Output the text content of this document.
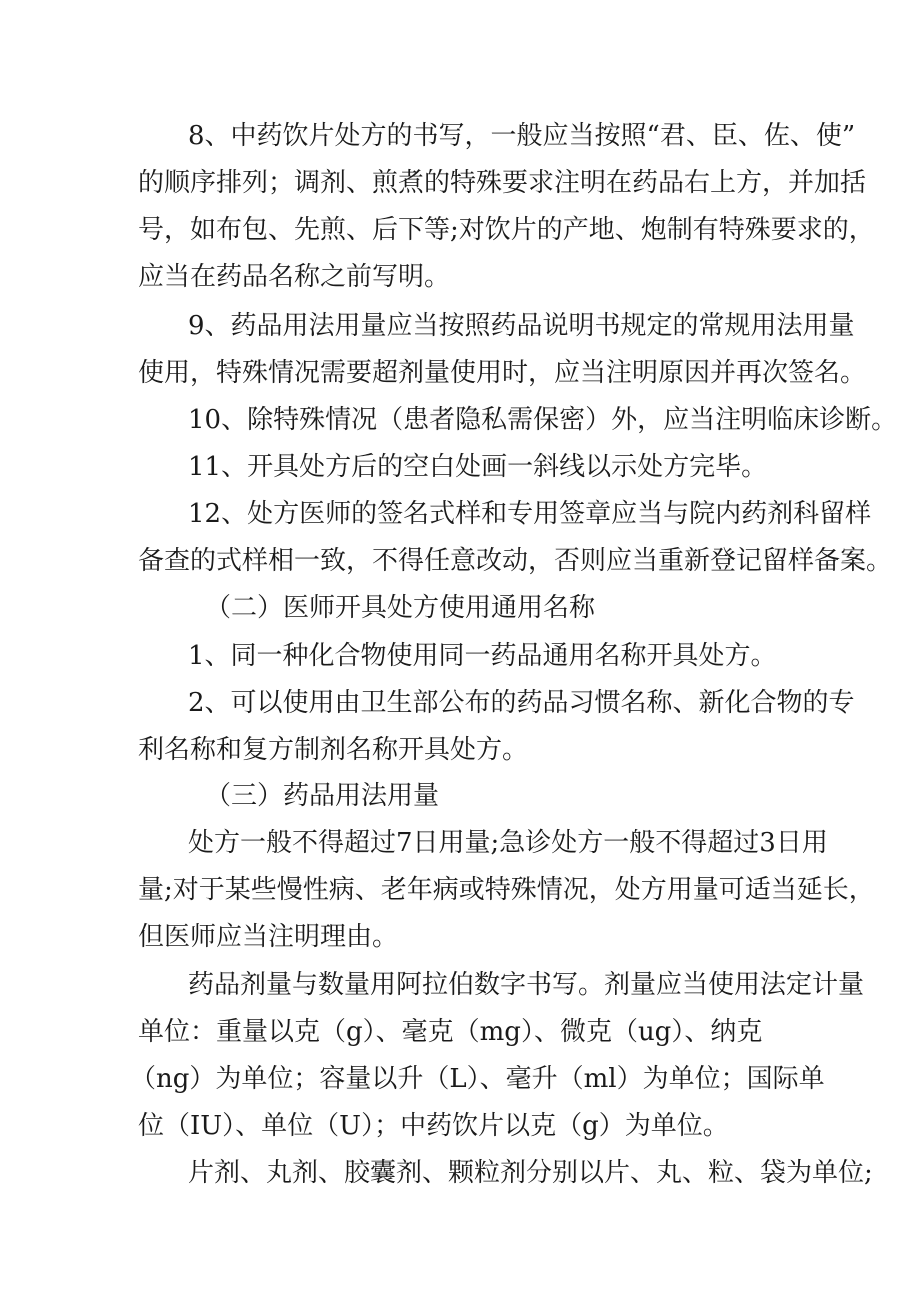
8、中药饮片处方的书写，一般应当按照“君、臣、佐、使”
的顺序排列；调剂、煎煮的特殊要求注明在药品右上方，并加括
号，如布包、先煎、后下等;对饮片的产地、炮制有特殊要求的，
应当在药品名称之前写明。
9、药品用法用量应当按照药品说明书规定的常规用法用量
使用，特殊情况需要超剂量使用时，应当注明原因并再次签名。
10、除特殊情况（患者隐私需保密）外，应当注明临床诊断。
11、开具处方后的空白处画一斜线以示处方完毕。
12、处方医师的签名式样和专用签章应当与院内药剂科留样
备查的式样相一致，不得任意改动，否则应当重新登记留样备案。
（二）医师开具处方使用通用名称
1、同一种化合物使用同一药品通用名称开具处方。
2、可以使用由卫生部公布的药品习惯名称、新化合物的专
利名称和复方制剂名称开具处方。
（三）药品用法用量
处方一般不得超过7日用量;急诊处方一般不得超过3日用
量;对于某些慢性病、老年病或特殊情况，处方用量可适当延长，
但医师应当注明理由。
药品剂量与数量用阿拉伯数字书写。剂量应当使用法定计量
单位：重量以克（g）、毫克（mg）、微克（ug）、纳克
（ng）为单位；容量以升（L）、毫升（ml）为单位；国际单
位（IU）、单位（U）；中药饮片以克（g）为单位。
片剂、丸剂、胶囊剂、颗粒剂分别以片、丸、粒、袋为单位;
